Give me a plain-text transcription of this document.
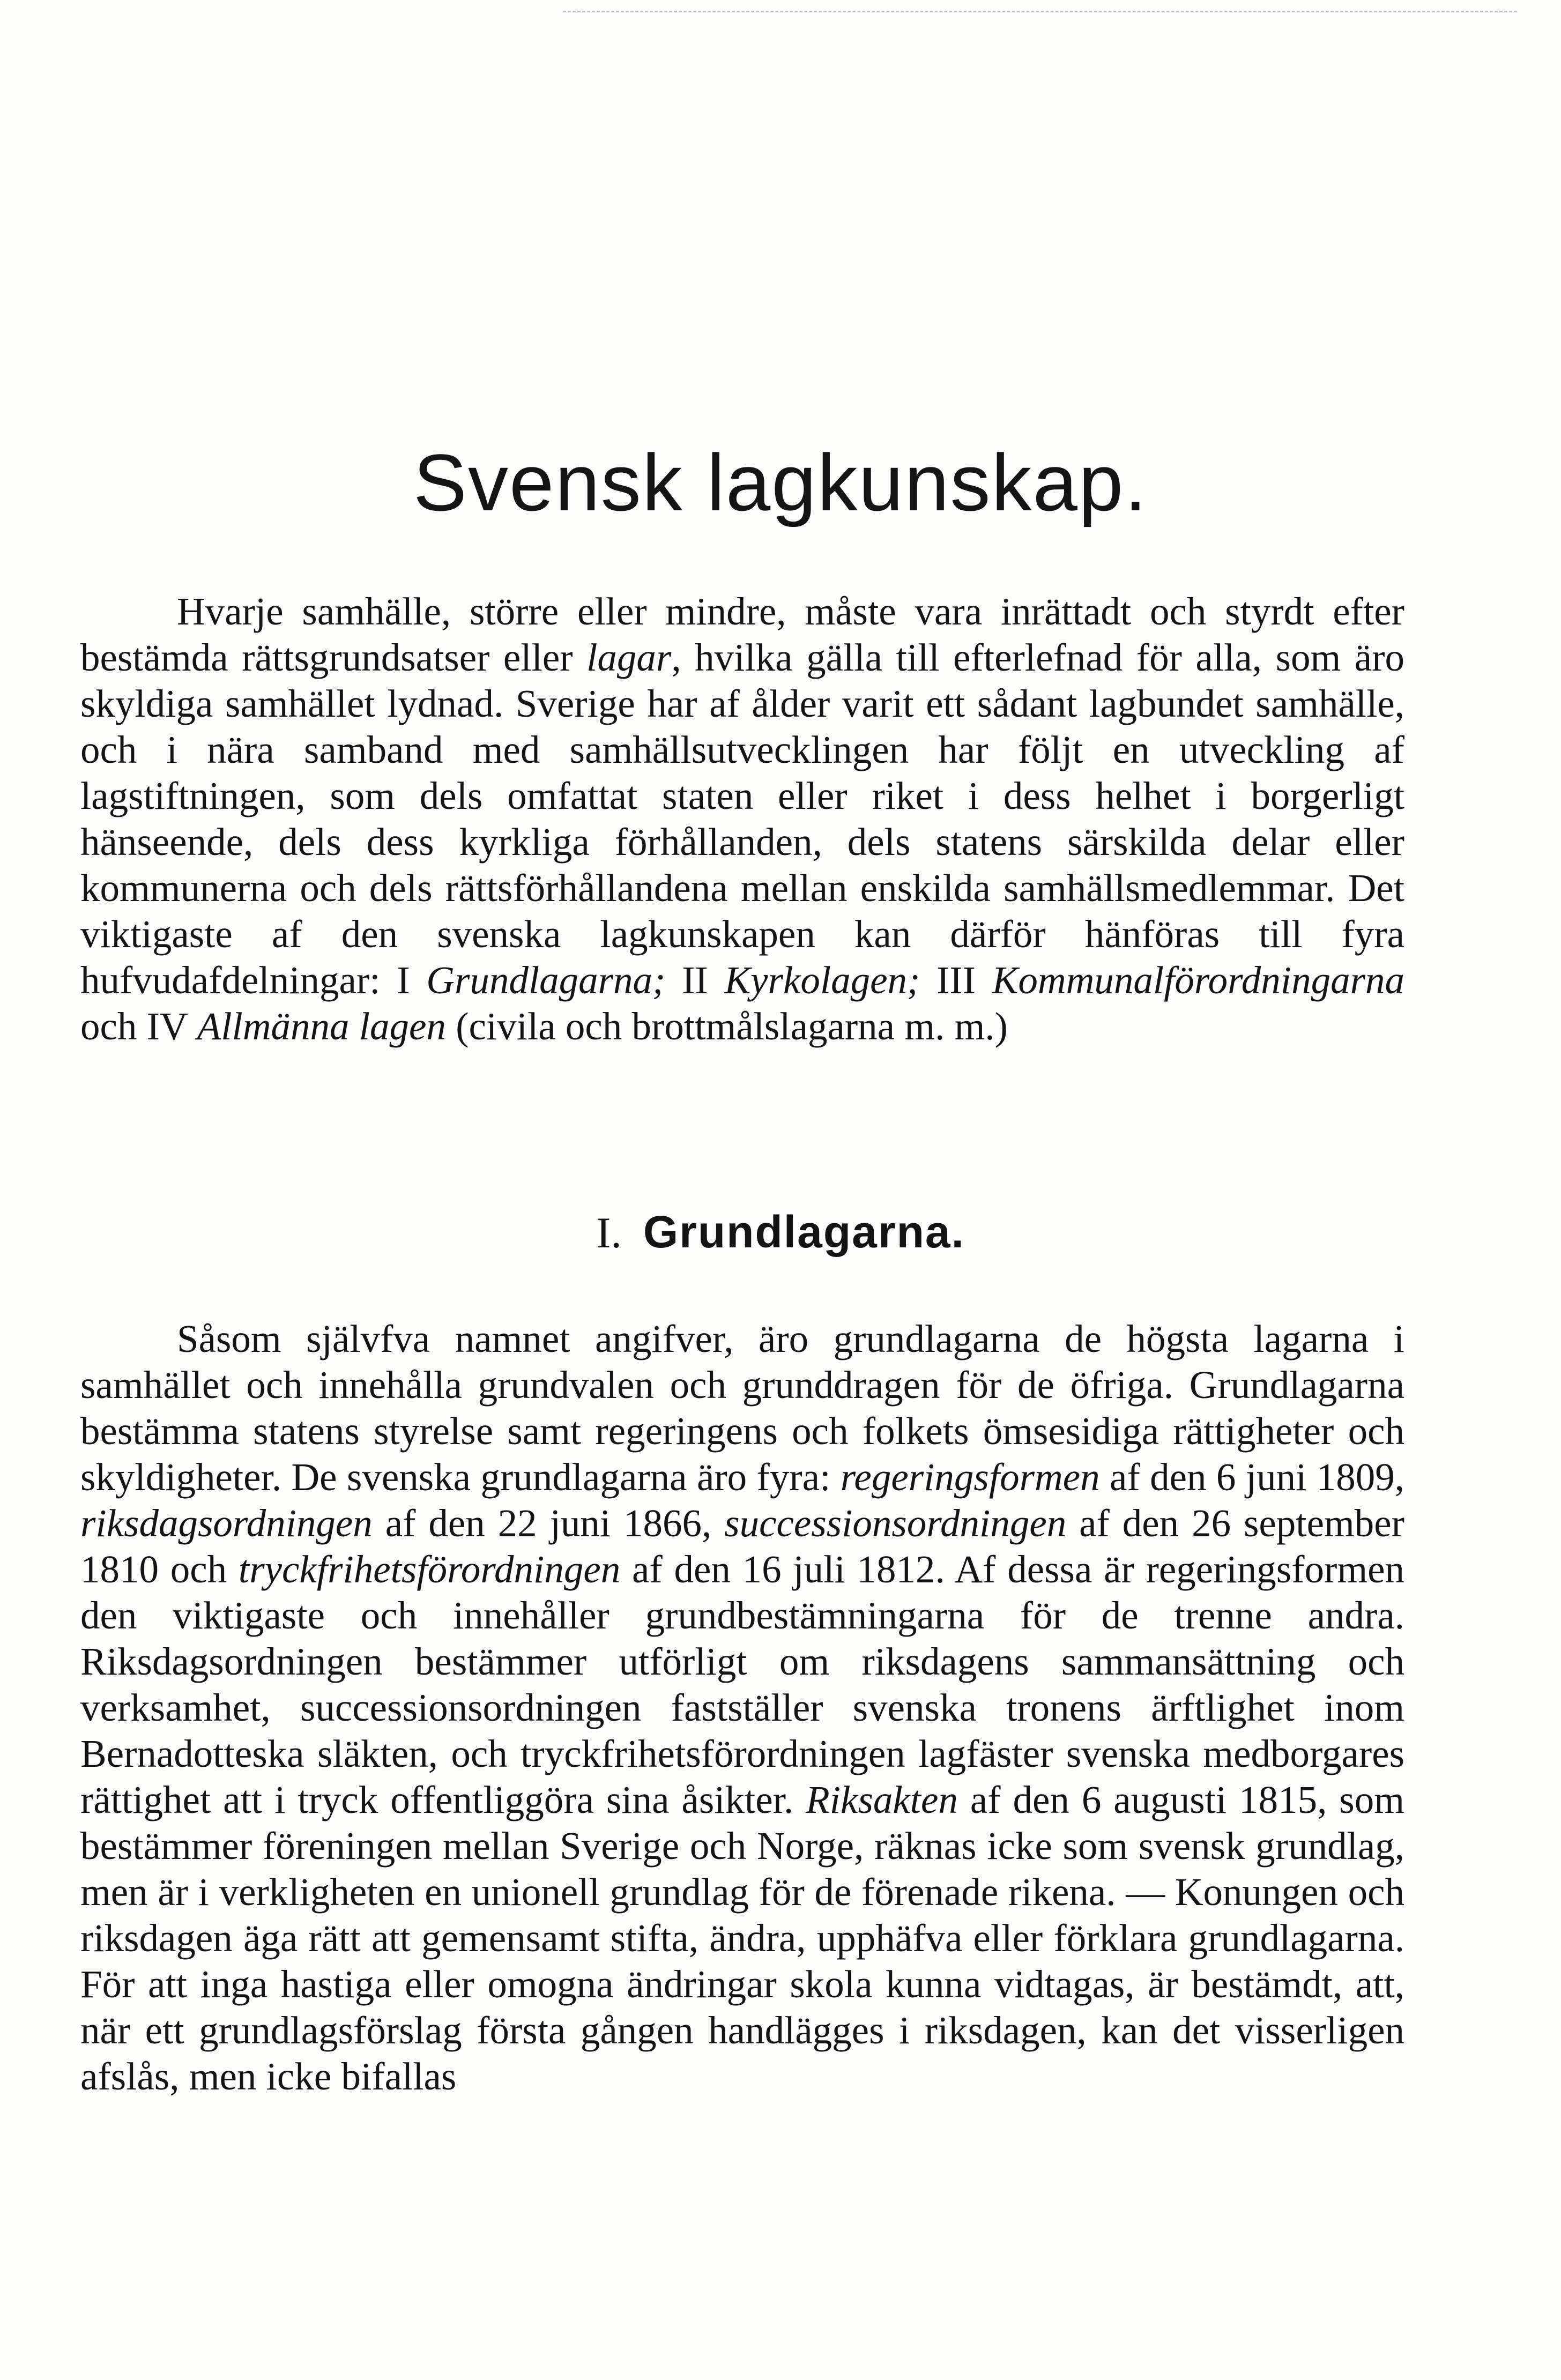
Svensk lagkunskap.

Hvarje samhälle, större eller mindre, måste vara inrättadt och styrdt efter bestämda rättsgrundsatser eller lagar, hvilka gälla till efterlefnad för alla, som äro skyldiga samhället lydnad. Sverige har af ålder varit ett sådant lagbundet samhälle, och i nära samband med samhällsutvecklingen har följt en utveckling af lagstiftningen, som dels omfattat staten eller riket i dess helhet i borgerligt hänseende, dels dess kyrkliga förhållanden, dels statens särskilda delar eller kommunerna och dels rättsförhållandena mellan enskilda samhällsmedlemmar. Det viktigaste af den svenska lagkunskapen kan därför hänföras till fyra hufvudafdelningar: I Grundlagarna; II Kyrkolagen; III Kommunalförordningarna och IV Allmänna lagen (civila och brottmålslagarna m. m.)

I. Grundlagarna.

Såsom självfva namnet angifver, äro grundlagarna de högsta lagarna i samhället och innehålla grundvalen och grunddragen för de öfriga. Grundlagarna bestämma statens styrelse samt regeringens och folkets ömsesidiga rättigheter och skyldigheter. De svenska grundlagarna äro fyra: regeringsformen af den 6 juni 1809, riksdagsordningen af den 22 juni 1866, successionsordningen af den 26 september 1810 och tryckfrihetsförordningen af den 16 juli 1812. Af dessa är regeringsformen den viktigaste och innehåller grundbestämningarna för de trenne andra. Riksdagsordningen bestämmer utförligt om riksdagens sammansättning och verksamhet, successionsordningen fastställer svenska tronens ärftlighet inom Bernadotteska släkten, och tryckfrihetsförordningen lagfäster svenska medborgares rättighet att i tryck offentliggöra sina åsikter. Riksakten af den 6 augusti 1815, som bestämmer föreningen mellan Sverige och Norge, räknas icke som svensk grundlag, men är i verkligheten en unionell grundlag för de förenade rikena. — Konungen och riksdagen äga rätt att gemensamt stifta, ändra, upphäfva eller förklara grundlagarna. För att inga hastiga eller omogna ändringar skola kunna vidtagas, är bestämdt, att, när ett grundlagsförslag första gången handlägges i riksdagen, kan det visserligen afslås, men icke bifallas
